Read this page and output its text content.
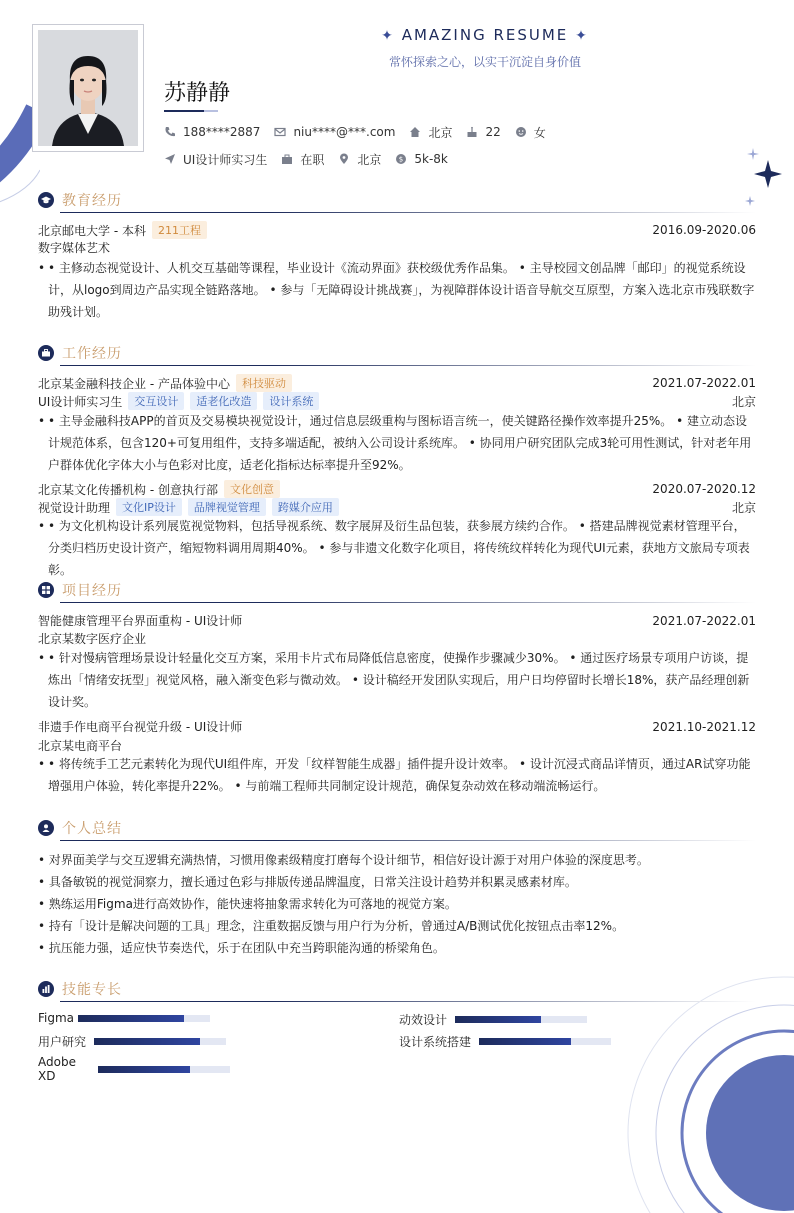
✦ AMAZING RESUME ✦
常怀探索之心，以实干沉淀自身价值
苏静静
188****2887	niu****@***.com	北京	22	女
UI设计师实习生	在职	北京	$ 5k-8k
教育经历
北京邮电大学 - 本科	211工程	2016.09-2020.06
数字媒体艺术
• • 主修动态视觉设计、人机交互基础等课程，毕业设计《流动界面》获校级优秀作品集。 • 主导校园文创品牌「邮印」的视觉系统设计，从logo到周边产品实现全链路落地。 • 参与「无障碍设计挑战赛」，为视障群体设计语音导航交互原型，方案入选北京市残联数字助残计划。
工作经历
北京某金融科技企业 - 产品体验中心	科技驱动	2021.07-2022.01
UI设计师实习生	交互设计	适老化改造	设计系统	北京
• • 主导金融科技APP的首页及交易模块视觉设计，通过信息层级重构与图标语言统一，使关键路径操作效率提升25%。 • 建立动态设计规范体系，包含120+可复用组件，支持多端适配，被纳入公司设计系统库。 • 协同用户研究团队完成3轮可用性测试，针对老年用户群体优化字体大小与色彩对比度，适老化指标达标率提升至92%。
北京某文化传播机构 - 创意执行部	文化创意	2020.07-2020.12
视觉设计助理	文化IP设计	品牌视觉管理	跨媒介应用	北京
• • 为文化机构设计系列展览视觉物料，包括导视系统、数字展屏及衍生品包装，获参展方续约合作。 • 搭建品牌视觉素材管理平台，分类归档历史设计资产，缩短物料调用周期40%。 • 参与非遗文化数字化项目，将传统纹样转化为现代UI元素，获地方文旅局专项表彰。
项目经历
智能健康管理平台界面重构 - UI设计师	2021.07-2022.01
北京某数字医疗企业
• • 针对慢病管理场景设计轻量化交互方案，采用卡片式布局降低信息密度，使操作步骤减少30%。 • 通过医疗场景专项用户访谈，提炼出「情绪安抚型」视觉风格，融入渐变色彩与微动效。 • 设计稿经开发团队实现后，用户日均停留时长增长18%，获产品经理创新设计奖。
非遗手作电商平台视觉升级 - UI设计师	2021.10-2021.12
北京某电商平台
• • 将传统手工艺元素转化为现代UI组件库，开发「纹样智能生成器」插件提升设计效率。 • 设计沉浸式商品详情页，通过AR试穿功能增强用户体验，转化率提升22%。 • 与前端工程师共同制定设计规范，确保复杂动效在移动端流畅运行。
个人总结
• 对界面美学与交互逻辑充满热情，习惯用像素级精度打磨每个设计细节，相信好设计源于对用户体验的深度思考。
• 具备敏锐的视觉洞察力，擅长通过色彩与排版传递品牌温度，日常关注设计趋势并积累灵感素材库。
• 熟练运用Figma进行高效协作，能快速将抽象需求转化为可落地的视觉方案。
• 持有「设计是解决问题的工具」理念，注重数据反馈与用户行为分析，曾通过A/B测试优化按钮点击率12%。
• 抗压能力强，适应快节奏迭代，乐于在团队中充当跨职能沟通的桥梁角色。
技能专长
Figma	动效设计
用户研究	设计系统搭建
Adobe XD
